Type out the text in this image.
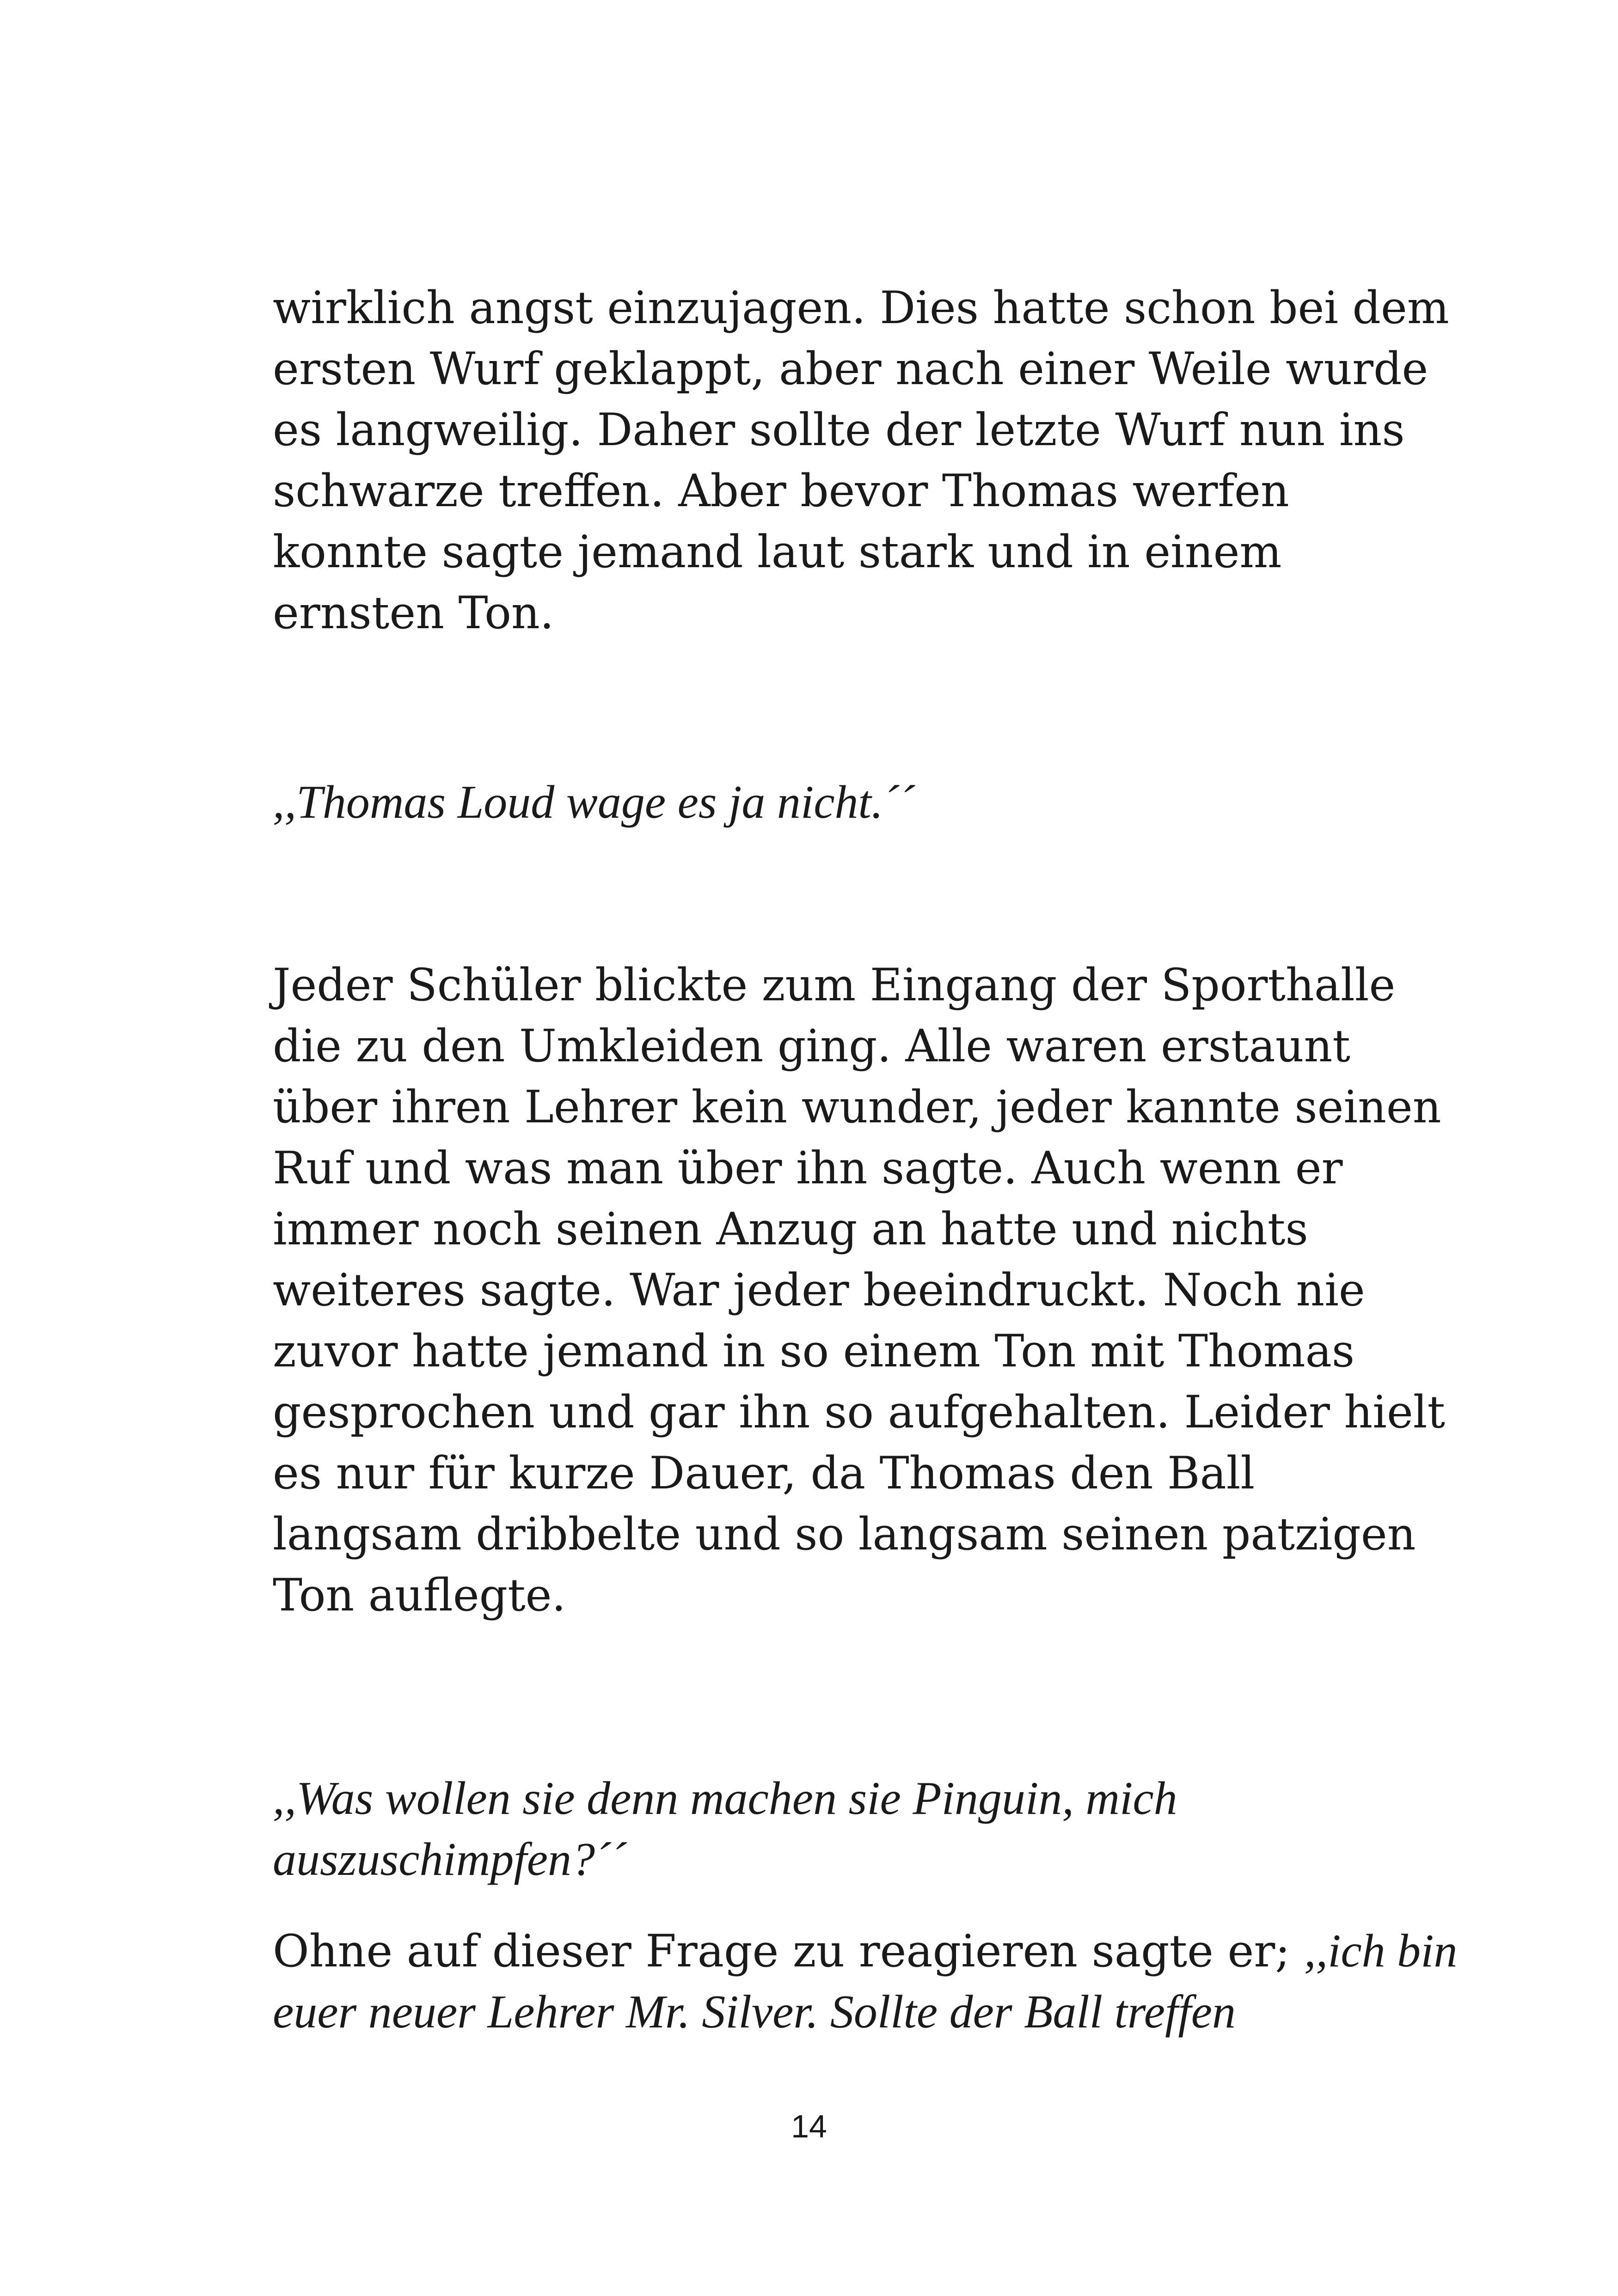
wirklich angst einzujagen. Dies hatte schon bei dem
ersten Wurf geklappt, aber nach einer Weile wurde
es langweilig. Daher sollte der letzte Wurf nun ins
schwarze treffen. Aber bevor Thomas werfen
konnte sagte jemand laut stark und in einem
ernsten Ton.
,,Thomas Loud wage es ja nicht.´´
Jeder Schüler blickte zum Eingang der Sporthalle
die zu den Umkleiden ging. Alle waren erstaunt
über ihren Lehrer kein wunder, jeder kannte seinen
Ruf und was man über ihn sagte. Auch wenn er
immer noch seinen Anzug an hatte und nichts
weiteres sagte. War jeder beeindruckt. Noch nie
zuvor hatte jemand in so einem Ton mit Thomas
gesprochen und gar ihn so aufgehalten. Leider hielt
es nur für kurze Dauer, da Thomas den Ball
langsam dribbelte und so langsam seinen patzigen
Ton auflegte.
,,Was wollen sie denn machen sie Pinguin, mich
auszuschimpfen?´´
Ohne auf dieser Frage zu reagieren sagte er; ,,ich bin
euer neuer Lehrer Mr. Silver. Sollte der Ball treffen
14
